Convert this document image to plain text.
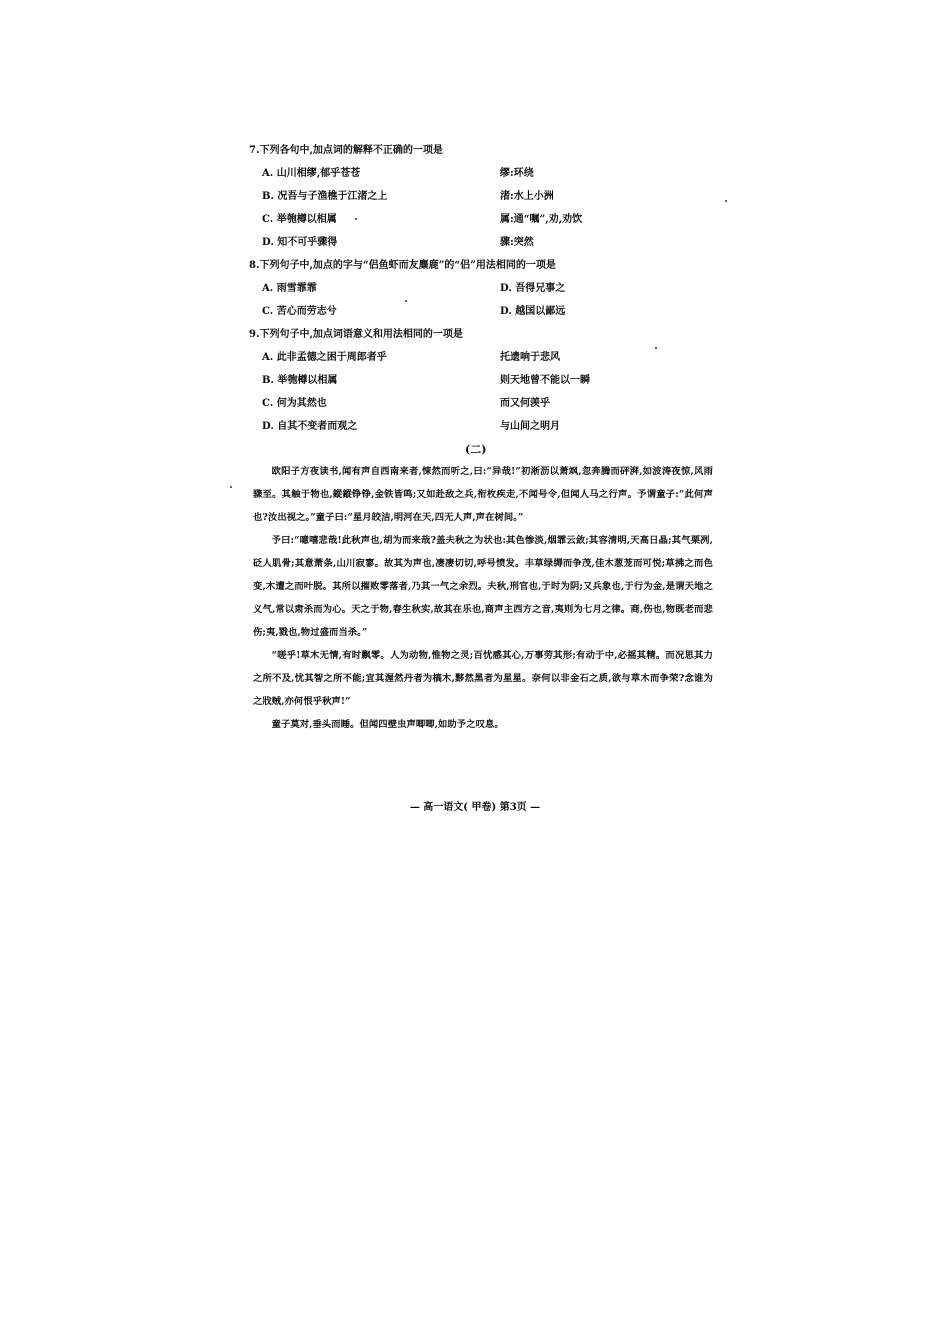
7.下列各句中,加点词的解释不正确的一项是
A. 山川相缪,郁乎苍苍	缪:环绕
B. 况吾与子渔樵于江渚之上	渚:水上小洲
C. 举匏樽以相属	属:通“嘱”,劝,劝饮
D. 知不可乎骤得	骤:突然
8.下列句子中,加点的字与“侣鱼虾而友麋鹿”的“侣”用法相同的一项是
A. 雨雪霏霏	D. 吾得兄事之
C. 苦心而劳志兮	D. 越国以鄙远
9.下列句子中,加点词语意义和用法相同的一项是
A. 此非孟德之困于周郎者乎	托遗响于悲风
B. 举匏樽以相属	则天地曾不能以一瞬
C. 何为其然也	而又何羡乎
D. 自其不变者而观之	与山间之明月
(二)

欧阳子方夜读书,闻有声自西南来者,悚然而听之,曰:“异哉!”初淅沥以萧飒,忽奔腾而砰湃,如波涛夜惊,风雨骤至。其触于物也,鏦鏦铮铮,金铁皆鸣;又如赴敌之兵,衔枚疾走,不闻号令,但闻人马之行声。予谓童子:“此何声也?汝出视之。”童子曰:“星月皎洁,明河在天,四无人声,声在树间。”

予曰:“噫嘻悲哉!此秋声也,胡为而来哉?盖夫秋之为状也:其色惨淡,烟霏云敛;其容清明,天高日晶;其气栗冽,砭人肌骨;其意萧条,山川寂寥。故其为声也,凄凄切切,呼号愤发。丰草绿缛而争茂,佳木葱茏而可悦;草拂之而色变,木遭之而叶脱。其所以摧败零落者,乃其一气之余烈。夫秋,刑官也,于时为阴;又兵象也,于行为金,是谓天地之义气,常以肃杀而为心。天之于物,春生秋实,故其在乐也,商声主西方之音,夷则为七月之律。商,伤也,物既老而悲伤;夷,戮也,物过盛而当杀。”

“嗟乎!草木无情,有时飘零。人为动物,惟物之灵;百忧感其心,万事劳其形;有动于中,必摇其精。而况思其力之所不及,忧其智之所不能;宜其渥然丹者为槁木,黟然黑者为星星。奈何以非金石之质,欲与草木而争荣?念谁为之戕贼,亦何恨乎秋声!”

童子莫对,垂头而睡。但闻四壁虫声唧唧,如助予之叹息。

— 高一语文( 甲卷) 第3页 —
